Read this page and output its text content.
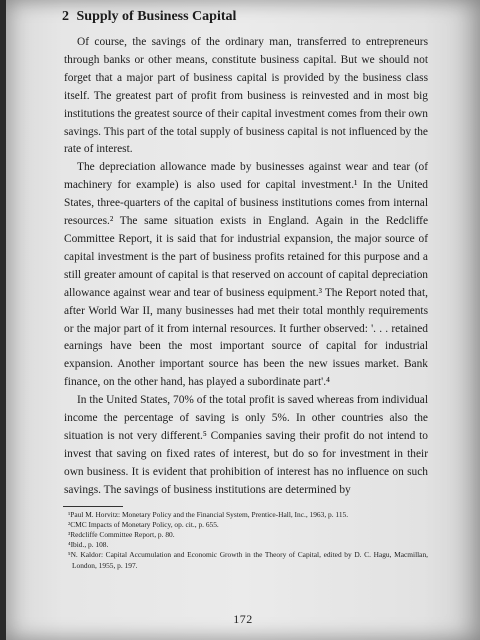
2 Supply of Business Capital

Of course, the savings of the ordinary man, transferred to entrepreneurs through banks or other means, constitute business capital. But we should not forget that a major part of business capital is provided by the business class itself. The greatest part of profit from business is reinvested and in most big institutions the greatest source of their capital investment comes from their own savings. This part of the total supply of business capital is not influenced by the rate of interest.

The depreciation allowance made by businesses against wear and tear (of machinery for example) is also used for capital investment.¹ In the United States, three-quarters of the capital of business institutions comes from internal resources.² The same situation exists in England. Again in the Redcliffe Committee Report, it is said that for industrial expansion, the major source of capital investment is the part of business profits retained for this purpose and a still greater amount of capital is that reserved on account of capital depreciation allowance against wear and tear of business equipment.³ The Report noted that, after World War II, many businesses had met their total monthly requirements or the major part of it from internal resources. It further observed: '. . . retained earnings have been the most important source of capital for industrial expansion. Another important source has been the new issues market. Bank finance, on the other hand, has played a subordinate part'.⁴

In the United States, 70% of the total profit is saved whereas from individual income the percentage of saving is only 5%. In other countries also the situation is not very different.⁵ Companies saving their profit do not intend to invest that saving on fixed rates of interest, but do so for investment in their own business. It is evident that prohibition of interest has no influence on such savings. The savings of business institutions are determined by

¹Paul M. Horvitz: Monetary Policy and the Financial System, Prentice-Hall, Inc., 1963, p. 115.

²CMC Impacts of Monetary Policy, op. cit., p. 655.

³Redcliffe Committee Report, p. 80.

⁴Ibid., p. 108.

⁵N. Kaldor: Capital Accumulation and Economic Growth in the Theory of Capital, edited by D. C. Hagu, Macmillan, London, 1955, p. 197.

172
